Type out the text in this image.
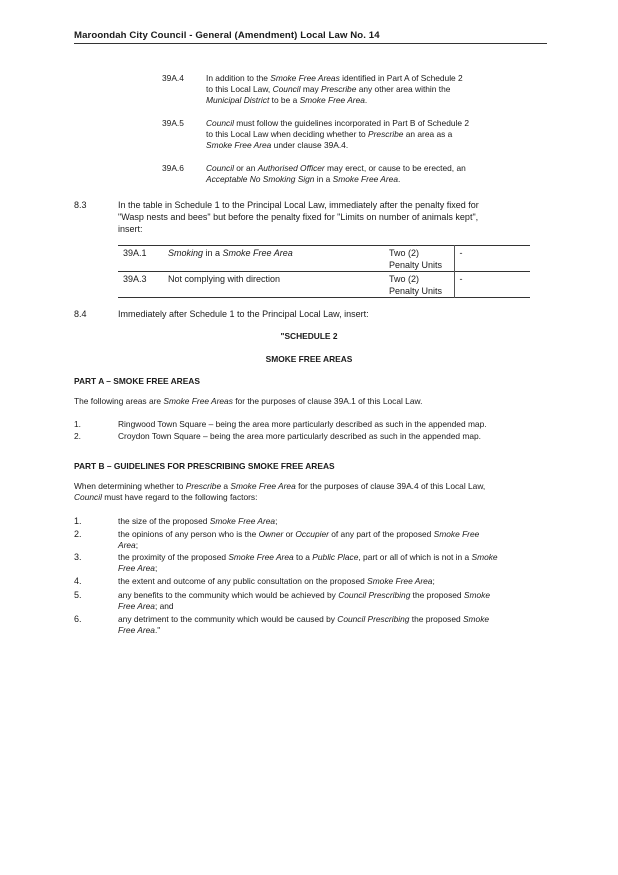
Maroondah City Council - General (Amendment) Local Law No. 14
39A.4	In addition to the Smoke Free Areas identified in Part A of Schedule 2
to this Local Law, Council may Prescribe any other area within the
Municipal District to be a Smoke Free Area.
39A.5	Council must follow the guidelines incorporated in Part B of Schedule 2
to this Local Law when deciding whether to Prescribe an area as a
Smoke Free Area under clause 39A.4.
39A.6	Council or an Authorised Officer may erect, or cause to be erected, an
Acceptable No Smoking Sign in a Smoke Free Area.
8.3	In the table in Schedule 1 to the Principal Local Law, immediately after the penalty fixed for
"Wasp nests and bees" but before the penalty fixed for "Limits on number of animals kept",
insert:
39A.1	Smoking in a Smoke Free Area	Two (2)
Penalty Units	-
39A.3	Not complying with direction	Two (2)
Penalty Units	-
8.4	Immediately after Schedule 1 to the Principal Local Law, insert:
"SCHEDULE 2
SMOKE FREE AREAS
PART A – SMOKE FREE AREAS
The following areas are Smoke Free Areas for the purposes of clause 39A.1 of this Local Law.
1.	Ringwood Town Square – being the area more particularly described as such in the appended map.
2.	Croydon Town Square – being the area more particularly described as such in the appended map.
PART B – GUIDELINES FOR PRESCRIBING SMOKE FREE AREAS
When determining whether to Prescribe a Smoke Free Area for the purposes of clause 39A.4 of this Local Law,
Council must have regard to the following factors:
1.	the size of the proposed Smoke Free Area;
2.	the opinions of any person who is the Owner or Occupier of any part of the proposed Smoke Free
Area;
3.	the proximity of the proposed Smoke Free Area to a Public Place, part or all of which is not in a Smoke
Free Area;
4.	the extent and outcome of any public consultation on the proposed Smoke Free Area;
5.	any benefits to the community which would be achieved by Council Prescribing the proposed Smoke
Free Area; and
6.	any detriment to the community which would be caused by Council Prescribing the proposed Smoke
Free Area."
